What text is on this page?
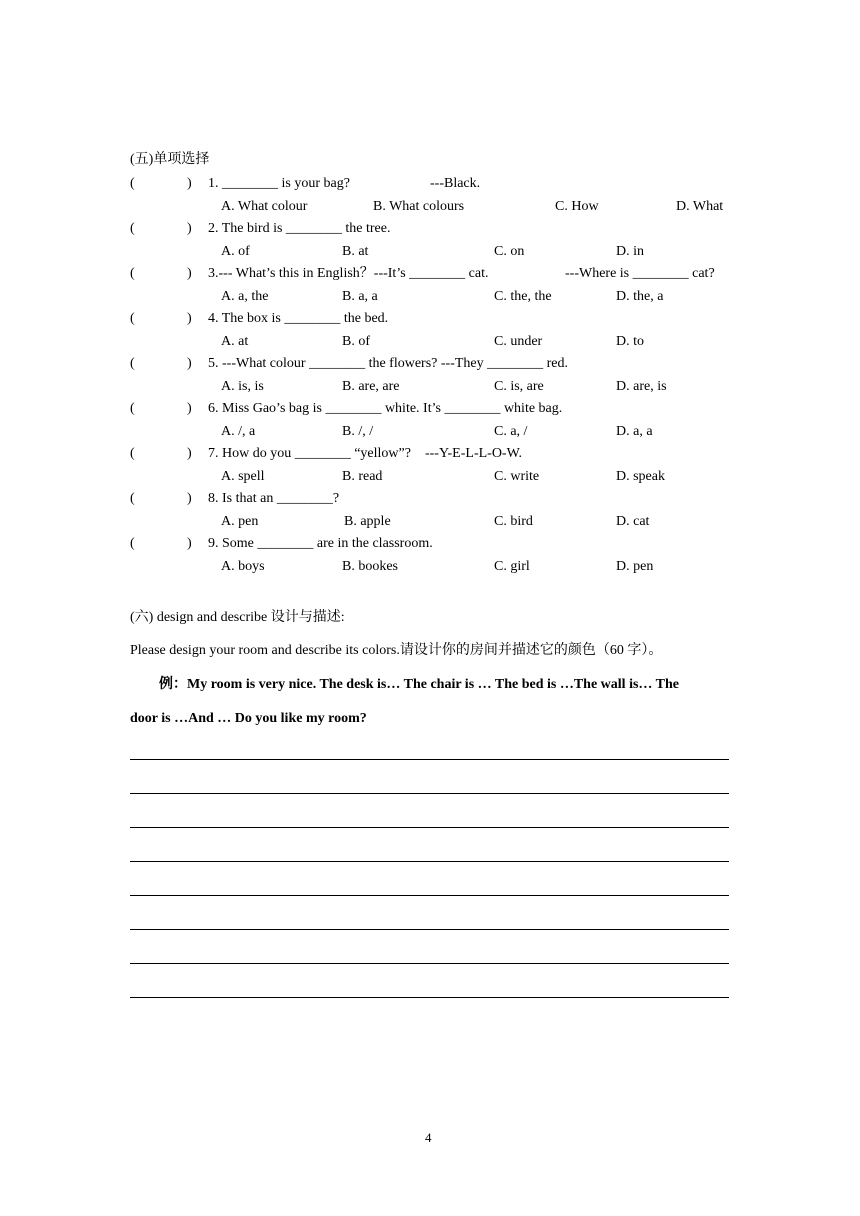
(五)单项选择
(	) 1. ________ is your bag?	---Black.
A. What colour	B. What colours	C. How	D. What
(	) 2. The bird is ________ the tree.
A. of	B. at	C. on	D. in
(	) 3.--- What’s this in English？---It’s ________ cat.	---Where is ________ cat?
A. a, the	B. a, a	C. the, the	D. the, a
(	) 4. The box is ________ the bed.
A. at	B. of	C. under	D. to
(	) 5. ---What colour ________ the flowers? ---They ________ red.
A. is, is	B. are, are	C. is, are	D. are, is
(	) 6. Miss Gao’s bag is ________ white. It’s ________ white bag.
A. /, a	B. /, /	C. a, /	D. a, a
(	) 7. How do you ________ “yellow”?　---Y-E-L-L-O-W.
A. spell	B. read	C. write	D. speak
(	) 8. Is that an ________?
A. pen	B. apple	C. bird	D. cat
(	) 9. Some ________ are in the classroom.
A. boys	B. bookes	C. girl	D. pen
(六) design and describe 设计与描述:
Please design your room and describe its colors.请设计你的房间并描述它的颜色（60 字）。
例：My room is very nice. The desk is… The chair is … The bed is …The wall is… The
door is …And … Do you like my room?
4
